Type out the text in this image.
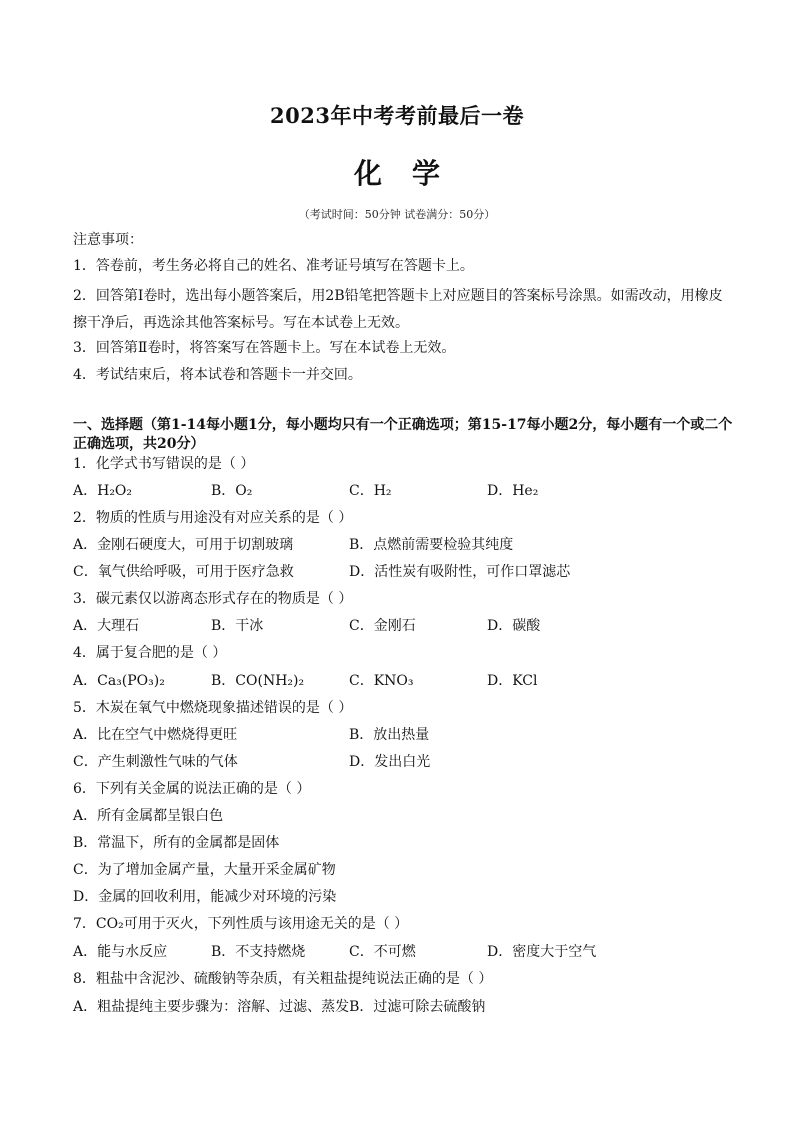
2023年中考考前最后一卷
化学
（考试时间：50分钟 试卷满分：50分）
注意事项：
1．答卷前，考生务必将自己的姓名、准考证号填写在答题卡上。
2．回答第Ⅰ卷时，选出每小题答案后，用2B铅笔把答题卡上对应题目的答案标号涂黑。如需改动，用橡皮擦干净后，再选涂其他答案标号。写在本试卷上无效。
3．回答第Ⅱ卷时，将答案写在答题卡上。写在本试卷上无效。
4．考试结束后，将本试卷和答题卡一并交回。
一、选择题（第1-14每小题1分，每小题均只有一个正确选项；第15-17每小题2分，每小题有一个或二个正确选项，共20分）
1．化学式书写错误的是（ ）
A．H₂O₂	B．O₂	C．H₂	D．He₂
2．物质的性质与用途没有对应关系的是（ ）
A．金刚石硬度大，可用于切割玻璃	B．点燃前需要检验其纯度
C．氧气供给呼吸，可用于医疗急救	D．活性炭有吸附性，可作口罩滤芯
3．碳元素仅以游离态形式存在的物质是（ ）
A．大理石	B．干冰	C．金刚石	D．碳酸
4．属于复合肥的是（ ）
A．Ca₃(PO₃)₂	B．CO(NH₂)₂	C．KNO₃	D．KCl
5．木炭在氧气中燃烧现象描述错误的是（ ）
A．比在空气中燃烧得更旺	B．放出热量
C．产生刺激性气味的气体	D．发出白光
6．下列有关金属的说法正确的是（ ）
A．所有金属都呈银白色
B．常温下，所有的金属都是固体
C．为了增加金属产量，大量开采金属矿物
D．金属的回收利用，能减少对环境的污染
7．CO₂可用于灭火，下列性质与该用途无关的是（ ）
A．能与水反应	B．不支持燃烧	C．不可燃	D．密度大于空气
8．粗盐中含泥沙、硫酸钠等杂质，有关粗盐提纯说法正确的是（ ）
A．粗盐提纯主要步骤为：溶解、过滤、蒸发B．过滤可除去硫酸钠
